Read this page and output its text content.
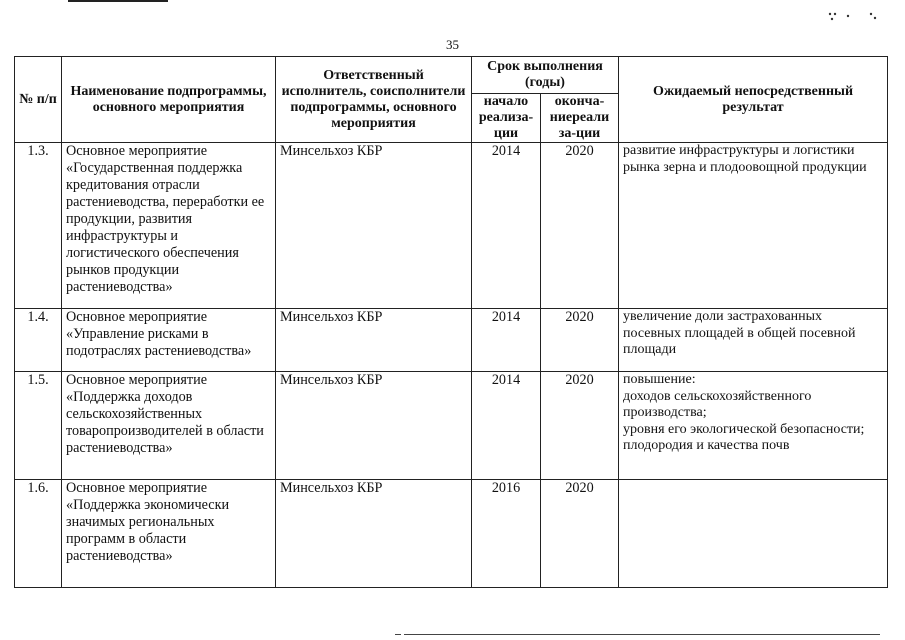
35
№ п/п	Наименование подпрограммы, основного мероприятия	Ответственный исполнитель, соисполнители подпрограммы, основного мероприятия	Срок выполнения (годы)		Ожидаемый непосредственный результат
			начало реализа-ции	оконча-ниереали за-ции	
1.3.	Основное мероприятие «Государственная поддержка кредитования отрасли растениеводства, переработки ее продукции, развития инфраструктуры и логистического обеспечения рынков продукции растениеводства»	Минсельхоз КБР	2014	2020	развитие инфраструктуры и логистики рынка зерна и плодоовощной продукции

1.4.	Основное мероприятие «Управление рисками в подотраслях растениеводства»	Минсельхоз КБР	2014	2020	увеличение доли застрахованных посевных площадей в общей посевной площади

1.5.	Основное мероприятие «Поддержка доходов сельскохозяйственных товаропроизводителей в области растениеводства»	Минсельхоз КБР	2014	2020	повышение:
доходов сельскохозяйственного производства;
уровня его экологической безопасности;
плодородия и качества почв

1.6.	Основное мероприятие «Поддержка экономически значимых региональных программ в области растениеводства»	Минсельхоз КБР	2016	2020	
